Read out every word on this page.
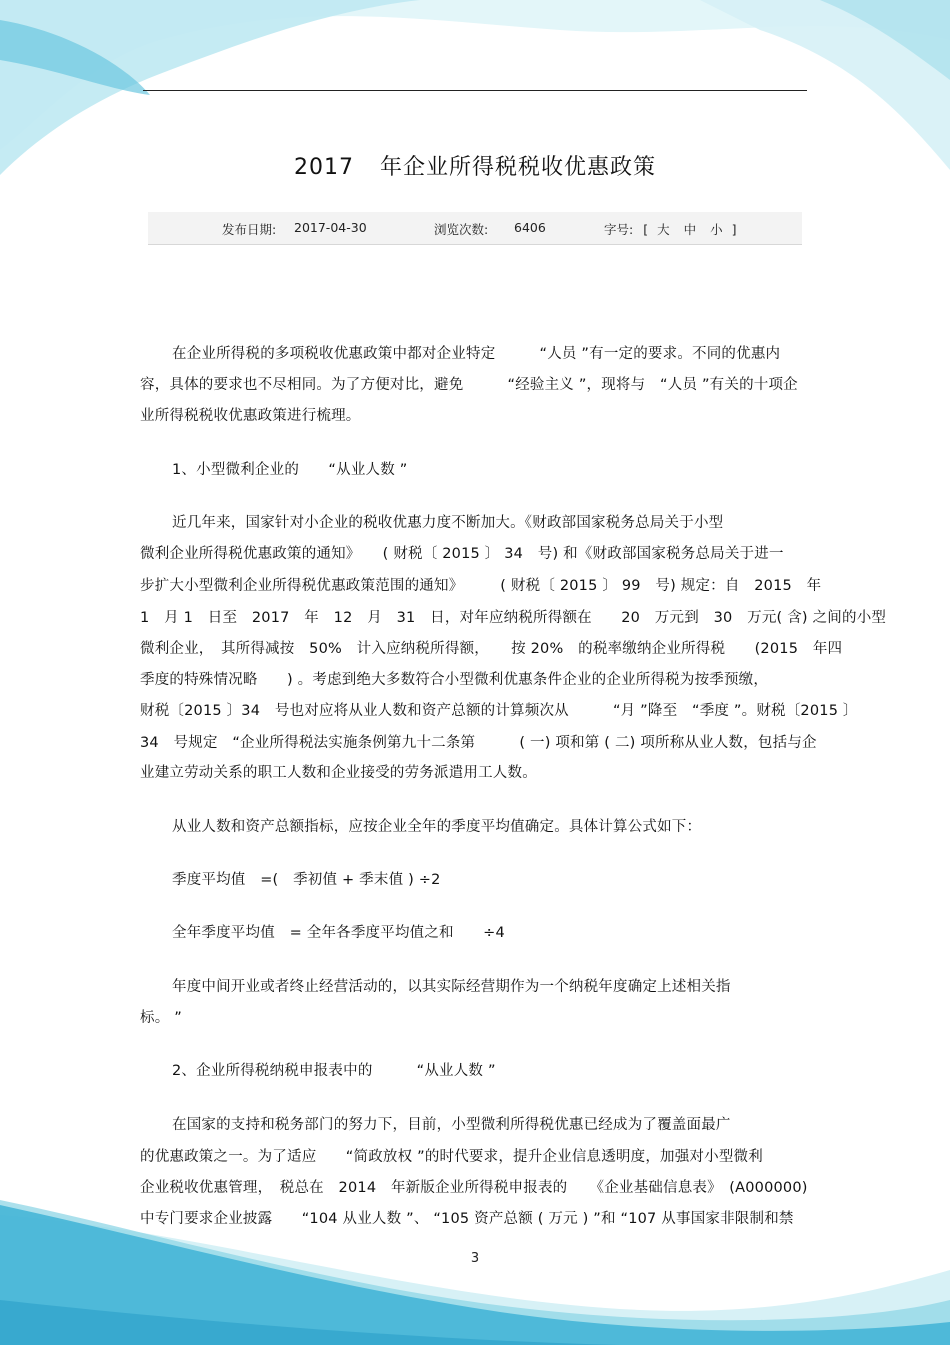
2017 年企业所得税税收优惠政策
发布日期: 2017-04-30	浏览次数: 6406	字号: [ 大 中 小 ]
在企业所得税的多项税收优惠政策中都对企业特定　　　“人员 ”有一定的要求。不同的优惠内
容，具体的要求也不尽相同。为了方便对比，避免　　　“经验主义 ”，现将与　“人员 ”有关的十项企
业所得税税收优惠政策进行梳理。
1、小型微利企业的　　“从业人数 ”
近几年来，国家针对小企业的税收优惠力度不断加大。《财政部国家税务总局关于小型
微利企业所得税优惠政策的通知》　　( 财税〔 2015 〕 34　号) 和《财政部国家税务总局关于进一
步扩大小型微利企业所得税优惠政策范围的通知》　　　( 财税〔 2015 〕 99　号) 规定：自　2015　年
1　月 1　日至　2017　年　12　月　31　日，对年应纳税所得额在　　20　万元到　30　万元( 含) 之间的小型
微利企业，　其所得减按　50%　计入应纳税所得额，　　按 20%　的税率缴纳企业所得税　　(2015　年四
季度的特殊情况略　　) 。考虑到绝大多数符合小型微利优惠条件企业的企业所得税为按季预缴，
财税〔2015 〕34　号也对应将从业人数和资产总额的计算频次从　　　“月 ”降至　“季度 ”。财税〔2015 〕
34　号规定　“企业所得税法实施条例第九十二条第　　　( 一) 项和第 ( 二) 项所称从业人数，包括与企
业建立劳动关系的职工人数和企业接受的劳务派遣用工人数。
从业人数和资产总额指标，应按企业全年的季度平均值确定。具体计算公式如下：
季度平均值　=(　季初值 + 季末值 ) ÷2
全年季度平均值　= 全年各季度平均值之和　　÷4
年度中间开业或者终止经营活动的，以其实际经营期作为一个纳税年度确定上述相关指
标。 ”
2、企业所得税纳税申报表中的　　　“从业人数 ”
在国家的支持和税务部门的努力下，目前，小型微利所得税优惠已经成为了覆盖面最广
的优惠政策之一。为了适应　　“简政放权 ”的时代要求，提升企业信息透明度，加强对小型微利
企业税收优惠管理，　税总在　2014　年新版企业所得税申报表的　　《企业基础信息表》　(A000000)
中专门要求企业披露　　“104 从业人数 ”、 “105 资产总额 ( 万元 ) ”和 “107 从事国家非限制和禁
3
